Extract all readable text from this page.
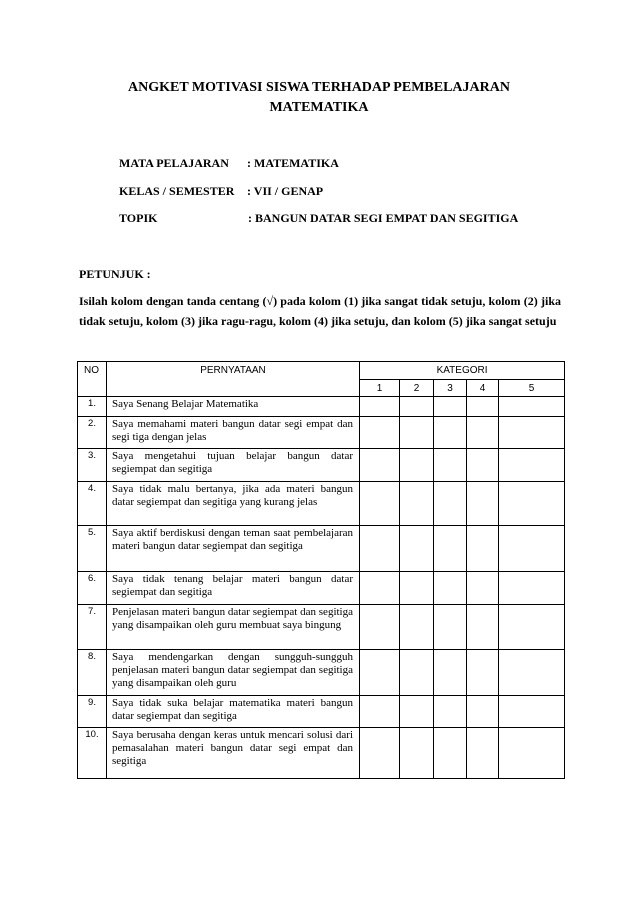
ANGKET MOTIVASI SISWA TERHADAP PEMBELAJARAN MATEMATIKA
MATA PELAJARAN : MATEMATIKA
KELAS / SEMESTER : VII / GENAP
TOPIK	: BANGUN DATAR SEGI EMPAT DAN SEGITIGA
PETUNJUK :
Isilah kolom dengan tanda centang (√) pada kolom (1) jika sangat tidak setuju, kolom (2) jika tidak setuju, kolom (3) jika ragu-ragu, kolom (4) jika setuju, dan kolom (5) jika sangat setuju
NO	PERNYATAAN	KATEGORI				
		1	2	3	4	5
1.	Saya Senang Belajar Matematika					
2.	Saya memahami materi bangun datar segi empat dan segi tiga dengan jelas					
3.	Saya mengetahui tujuan belajar bangun datar segiempat dan segitiga					
4.	Saya tidak malu bertanya, jika ada materi bangun datar segiempat dan segitiga yang kurang jelas					
5.	Saya aktif berdiskusi dengan teman saat pembelajaran materi bangun datar segiempat dan segitiga					
6.	Saya tidak tenang belajar materi bangun datar segiempat dan segitiga					
7.	Penjelasan materi bangun datar segiempat dan segitiga yang disampaikan oleh guru membuat saya bingung					
8.	Saya mendengarkan dengan sungguh-sungguh penjelasan materi bangun datar segiempat dan segitiga yang disampaikan oleh guru					
9.	Saya tidak suka belajar matematika materi bangun datar segiempat dan segitiga					
10.	Saya berusaha dengan keras untuk mencari solusi dari pemasalahan materi bangun datar segi empat dan segitiga					
